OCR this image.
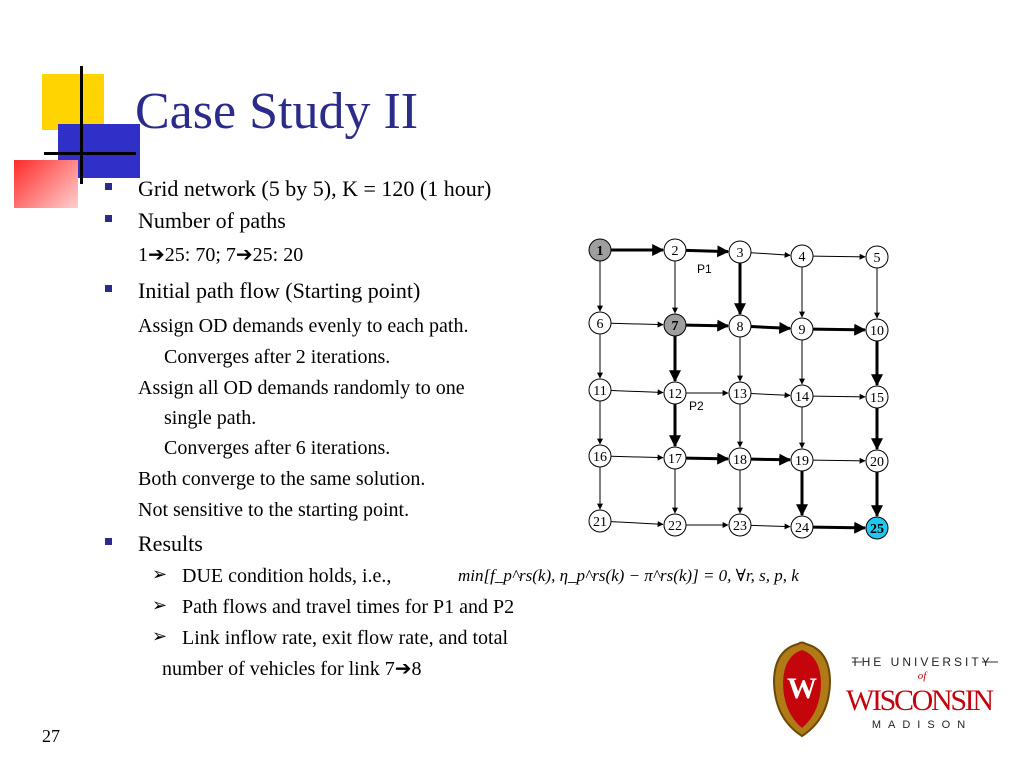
Case Study II
Grid network (5 by 5), K = 120 (1 hour)
Number of paths
1➔25: 70; 7➔25: 20
Initial path flow (Starting point)
Assign OD demands evenly to each path.
Converges after 2 iterations.
Assign all OD demands randomly to one
single path.
Converges after 6 iterations.
Both converge to the same solution.
Not sensitive to the starting point.
Results
➢ DUE condition holds, i.e.,
➢ Path flows and travel times for P1 and P2
➢ Link inflow rate, exit flow rate, and total
number of vehicles for link 7➔8
min[f_p^rs(k), η_p^rs(k) − π^rs(k)] = 0, ∀r, s, p, k
1	2	3	4	5
6	7	8	9	10
11	12	13	14	15
16	17	18	19	20
21	22	23	24	25
P1
P2
W
THE UNIVERSITY
of
WISCONSIN
MADISON
27
